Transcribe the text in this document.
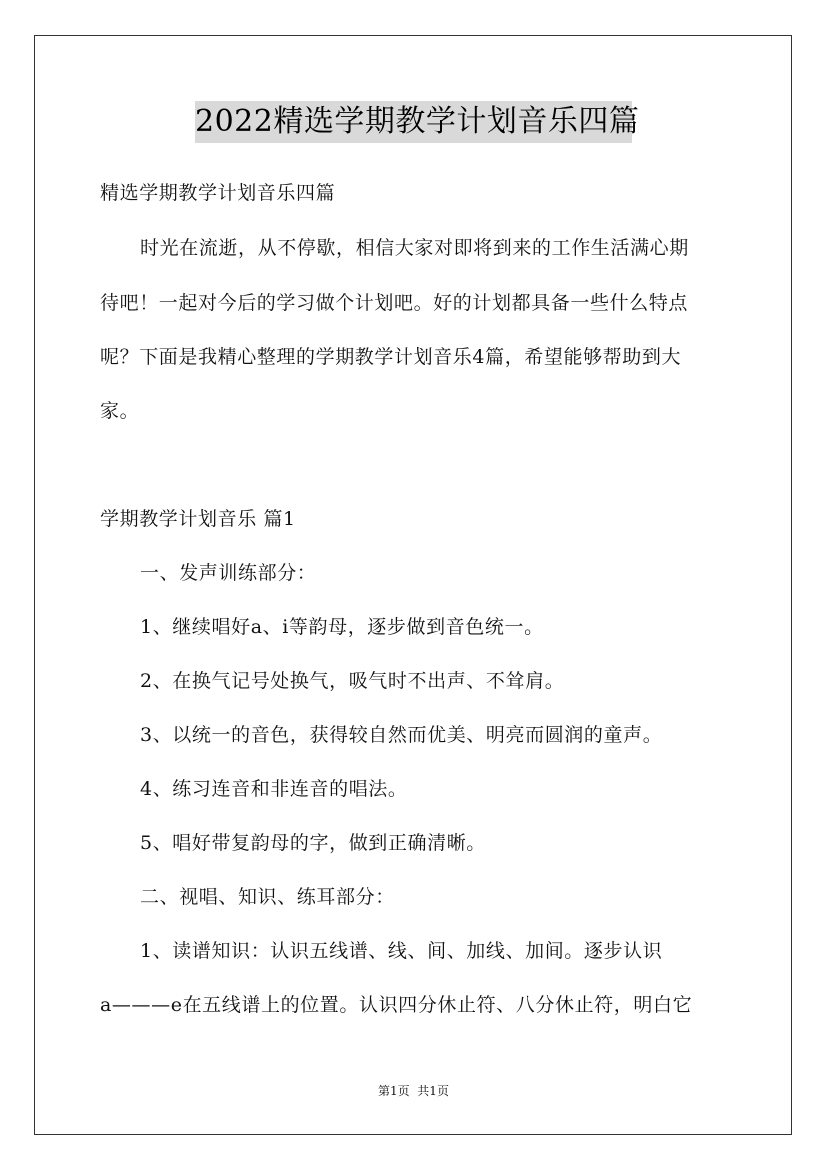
2022精选学期教学计划音乐四篇
精选学期教学计划音乐四篇
时光在流逝，从不停歇，相信大家对即将到来的工作生活满心期
待吧！一起对今后的学习做个计划吧。好的计划都具备一些什么特点
呢？下面是我精心整理的学期教学计划音乐4篇，希望能够帮助到大
家。
学期教学计划音乐 篇1
一、发声训练部分：
1、继续唱好a、i等韵母，逐步做到音色统一。
2、在换气记号处换气，吸气时不出声、不耸肩。
3、以统一的音色，获得较自然而优美、明亮而圆润的童声。
4、练习连音和非连音的唱法。
5、唱好带复韵母的字，做到正确清晰。
二、视唱、知识、练耳部分：
1、读谱知识：认识五线谱、线、间、加线、加间。逐步认识
a———e在五线谱上的位置。认识四分休止符、八分休止符，明白它
第1页  共1页
